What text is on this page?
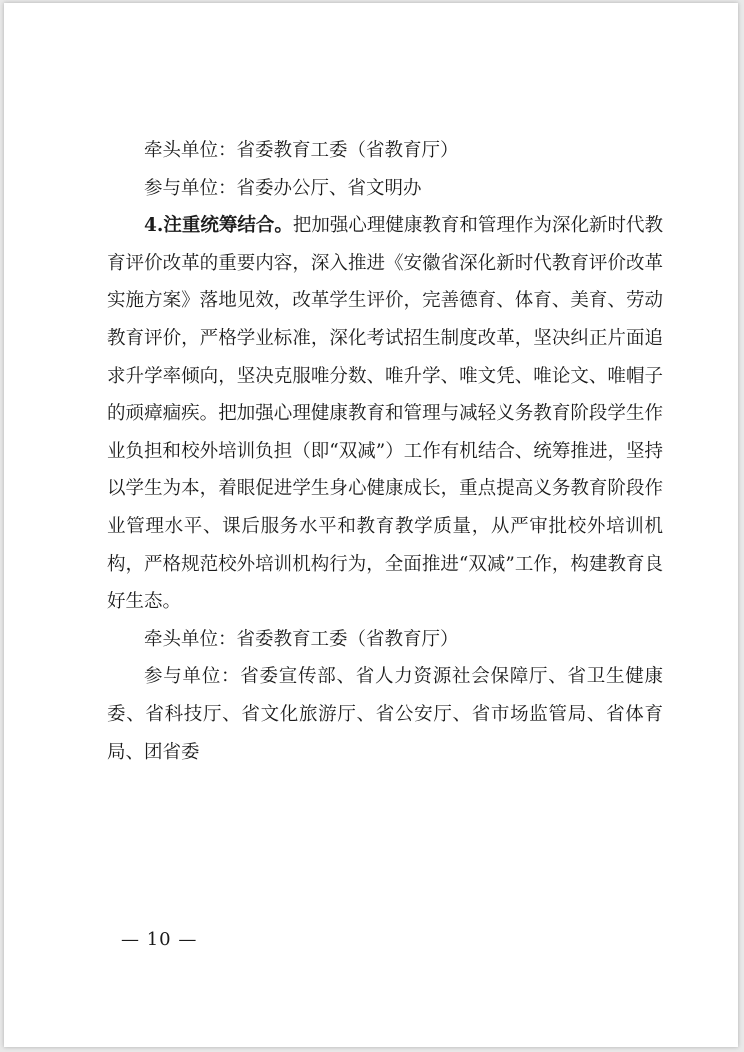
牵头单位：省委教育工委（省教育厅）

参与单位：省委办公厅、省文明办

4.注重统筹结合。把加强心理健康教育和管理作为深化新时代教育评价改革的重要内容，深入推进《安徽省深化新时代教育评价改革实施方案》落地见效，改革学生评价，完善德育、体育、美育、劳动教育评价，严格学业标准，深化考试招生制度改革，坚决纠正片面追求升学率倾向，坚决克服唯分数、唯升学、唯文凭、唯论文、唯帽子的顽瘴痼疾。把加强心理健康教育和管理与减轻义务教育阶段学生作业负担和校外培训负担（即“双减”）工作有机结合、统筹推进，坚持以学生为本，着眼促进学生身心健康成长，重点提高义务教育阶段作业管理水平、课后服务水平和教育教学质量，从严审批校外培训机构，严格规范校外培训机构行为，全面推进“双减”工作，构建教育良好生态。

牵头单位：省委教育工委（省教育厅）

参与单位：省委宣传部、省人力资源社会保障厅、省卫生健康委、省科技厅、省文化旅游厅、省公安厅、省市场监管局、省体育局、团省委

— 10 —
